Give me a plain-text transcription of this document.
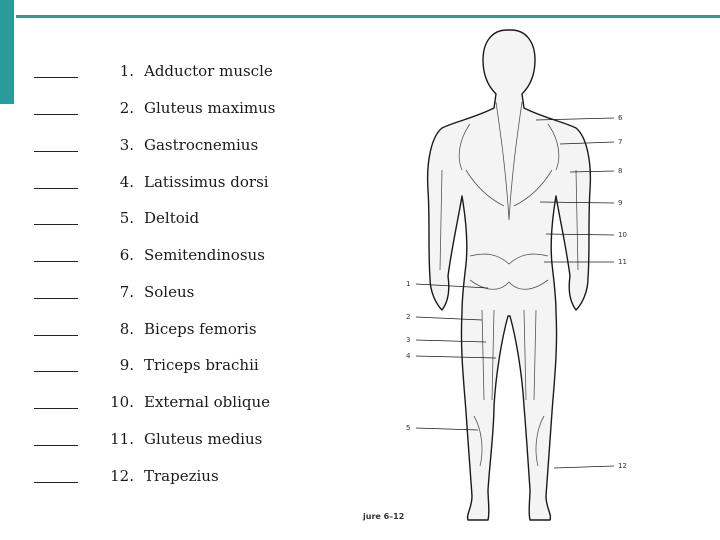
1. Adductor muscle
2. Gluteus maximus
3. Gastrocnemius
4. Latissimus dorsi
5. Deltoid
6. Semitendinosus
7. Soleus
8. Biceps femoris
9. Triceps brachii
10. External oblique
11. Gluteus medius
12. Trapezius
1
2
3
4
5
6
7
8
9
10
11
12
jure 6–12
